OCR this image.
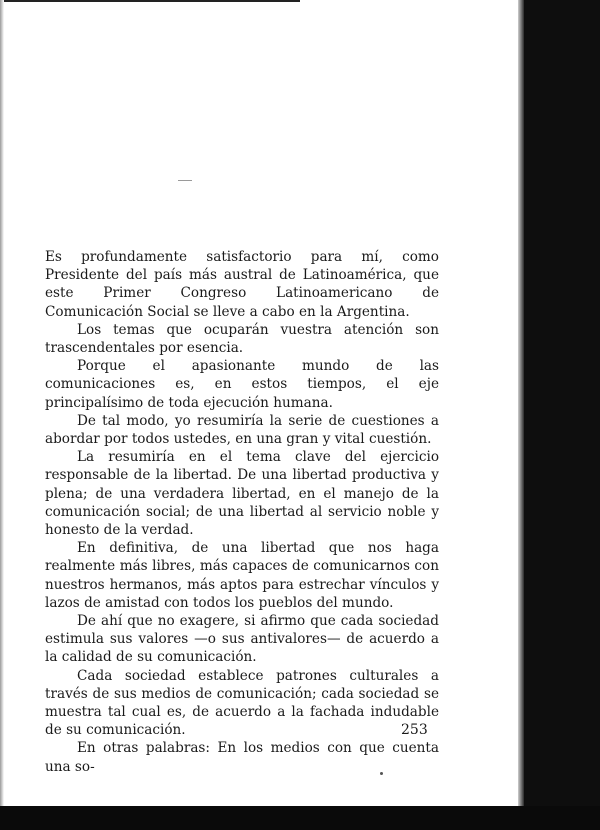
Es profundamente satisfactorio para mí, como Presidente del país más austral de Latinoamérica, que este Primer Congreso Latinoamericano de Comunicación Social se lleve a cabo en la Argentina.

Los temas que ocuparán vuestra atención son trascendentales por esencia.

Porque el apasionante mundo de las comunicaciones es, en estos tiempos, el eje principalísimo de toda ejecución humana.

De tal modo, yo resumiría la serie de cuestiones a abordar por todos ustedes, en una gran y vital cuestión.

La resumiría en el tema clave del ejercicio responsable de la libertad. De una libertad productiva y plena; de una verdadera libertad, en el manejo de la comunicación social; de una libertad al servicio noble y honesto de la verdad.

En definitiva, de una libertad que nos haga realmente más libres, más capaces de comunicarnos con nuestros hermanos, más aptos para estrechar vínculos y lazos de amistad con todos los pueblos del mundo.

De ahí que no exagere, si afirmo que cada sociedad estimula sus valores —o sus antivalores— de acuerdo a la calidad de su comunicación.

Cada sociedad establece patrones culturales a través de sus medios de comunicación; cada sociedad se muestra tal cual es, de acuerdo a la fachada indudable de su comunicación.

En otras palabras: En los medios con que cuenta una so-

253
